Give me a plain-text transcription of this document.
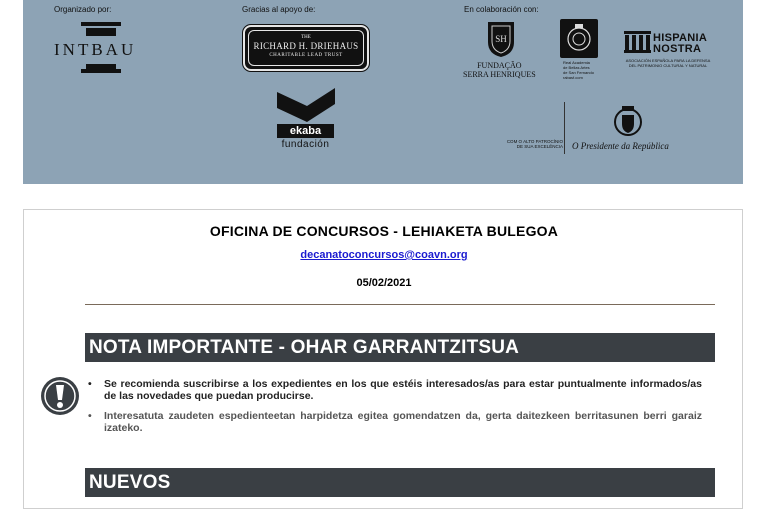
Organizado por:	Gracias al apoyo de:	En colaboración con:
INTBAU
THE
RICHARD H. DRIEHAUS
CHARITABLE LEAD TRUST
ekaba
fundación
SH
FUNDAÇÃO
SERRA HENRIQUES
Real Academia
de Bellas Artes
de San Fernando
rabasf.com
HISPANIA
NOSTRA
ASOCIACIÓN ESPAÑOLA PARA LA DEFENSA DEL PATRIMONIO CULTURAL Y NATURAL
COM O ALTO PATROCÍNIO
DE SUA EXCELÊNCIA O Presidente da República
OFICINA DE CONCURSOS - LEHIAKETA BULEGOA
decanatoconcursos@coavn.org
05/02/2021
NOTA IMPORTANTE - OHAR GARRANTZITSUA
• Se recomienda suscribirse a los expedientes en los que estéis interesados/as para estar puntualmente informados/as de las novedades que puedan producirse.
• Interesatuta zaudeten espedienteetan harpidetza egitea gomendatzen da, gerta daitezkeen berritasunen berri garaiz izateko.
NUEVOS
